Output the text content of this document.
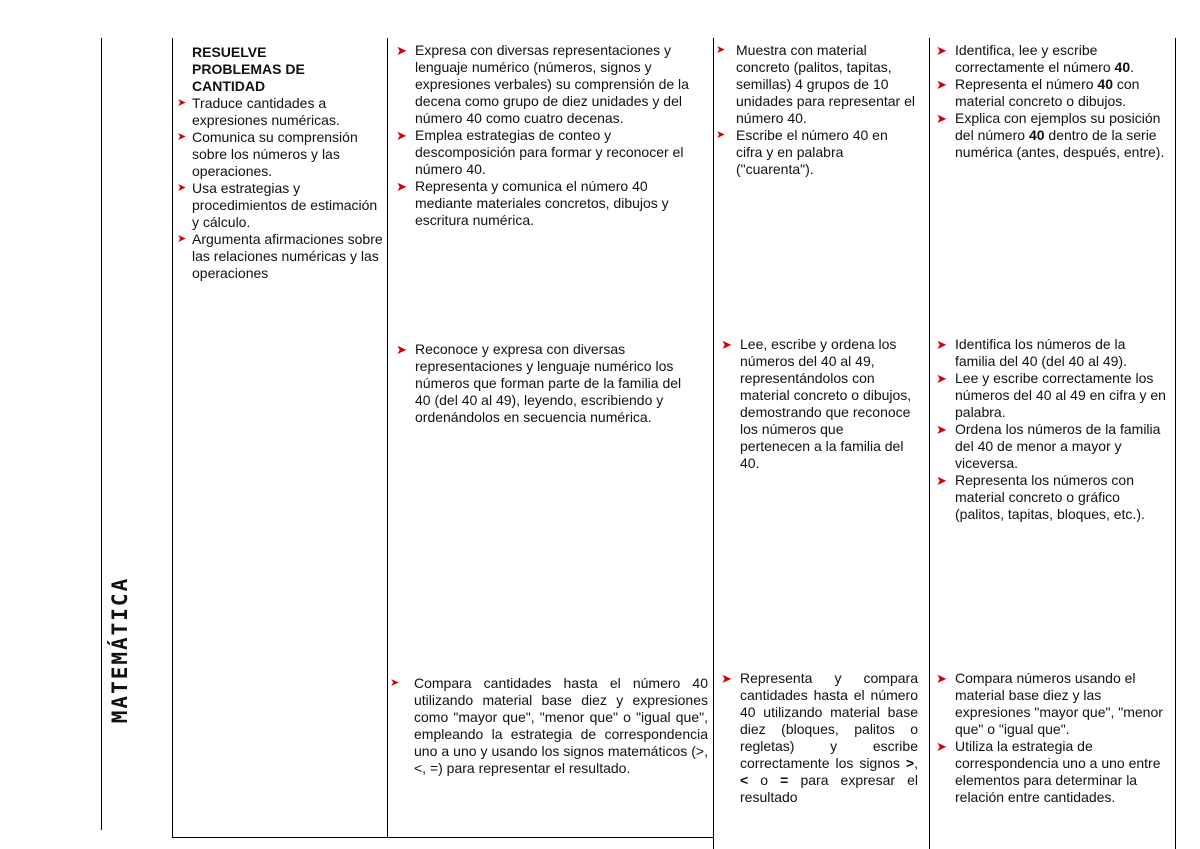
MATEMÁTICA
RESUELVE PROBLEMAS DE CANTIDAD
➤ Traduce cantidades a expresiones numéricas.
➤ Comunica su comprensión sobre los números y las operaciones.
➤ Usa estrategias y procedimientos de estimación y cálculo.
➤ Argumenta afirmaciones sobre las relaciones numéricas y las operaciones
➤ Expresa con diversas representaciones y lenguaje numérico (números, signos y expresiones verbales) su comprensión de la decena como grupo de diez unidades y del número 40 como cuatro decenas.
➤ Emplea estrategias de conteo y descomposición para formar y reconocer el número 40.
➤ Representa y comunica el número 40 mediante materiales concretos, dibujos y escritura numérica.
➤ Muestra con material concreto (palitos, tapitas, semillas) 4 grupos de 10 unidades para representar el número 40.
➤ Escribe el número 40 en cifra y en palabra ("cuarenta").
➤ Identifica, lee y escribe correctamente el número 40.
➤ Representa el número 40 con material concreto o dibujos.
➤ Explica con ejemplos su posición del número 40 dentro de la serie numérica (antes, después, entre).
➤ Reconoce y expresa con diversas representaciones y lenguaje numérico los números que forman parte de la familia del 40 (del 40 al 49), leyendo, escribiendo y ordenándolos en secuencia numérica.
➤ Lee, escribe y ordena los números del 40 al 49, representándolos con material concreto o dibujos, demostrando que reconoce los números que pertenecen a la familia del 40.
➤ Identifica los números de la familia del 40 (del 40 al 49).
➤ Lee y escribe correctamente los números del 40 al 49 en cifra y en palabra.
➤ Ordena los números de la familia del 40 de menor a mayor y viceversa.
➤ Representa los números con material concreto o gráfico (palitos, tapitas, bloques, etc.).
➤ Compara cantidades hasta el número 40 utilizando material base diez y expresiones como "mayor que", "menor que" o "igual que", empleando la estrategia de correspondencia uno a uno y usando los signos matemáticos (>, <, =) para representar el resultado.
➤ Representa y compara cantidades hasta el número 40 utilizando material base diez (bloques, palitos o regletas) y escribe correctamente los signos >, < o = para expresar el resultado
➤ Compara números usando el material base diez y las expresiones "mayor que", "menor que" o "igual que".
➤ Utiliza la estrategia de correspondencia uno a uno entre elementos para determinar la relación entre cantidades.
